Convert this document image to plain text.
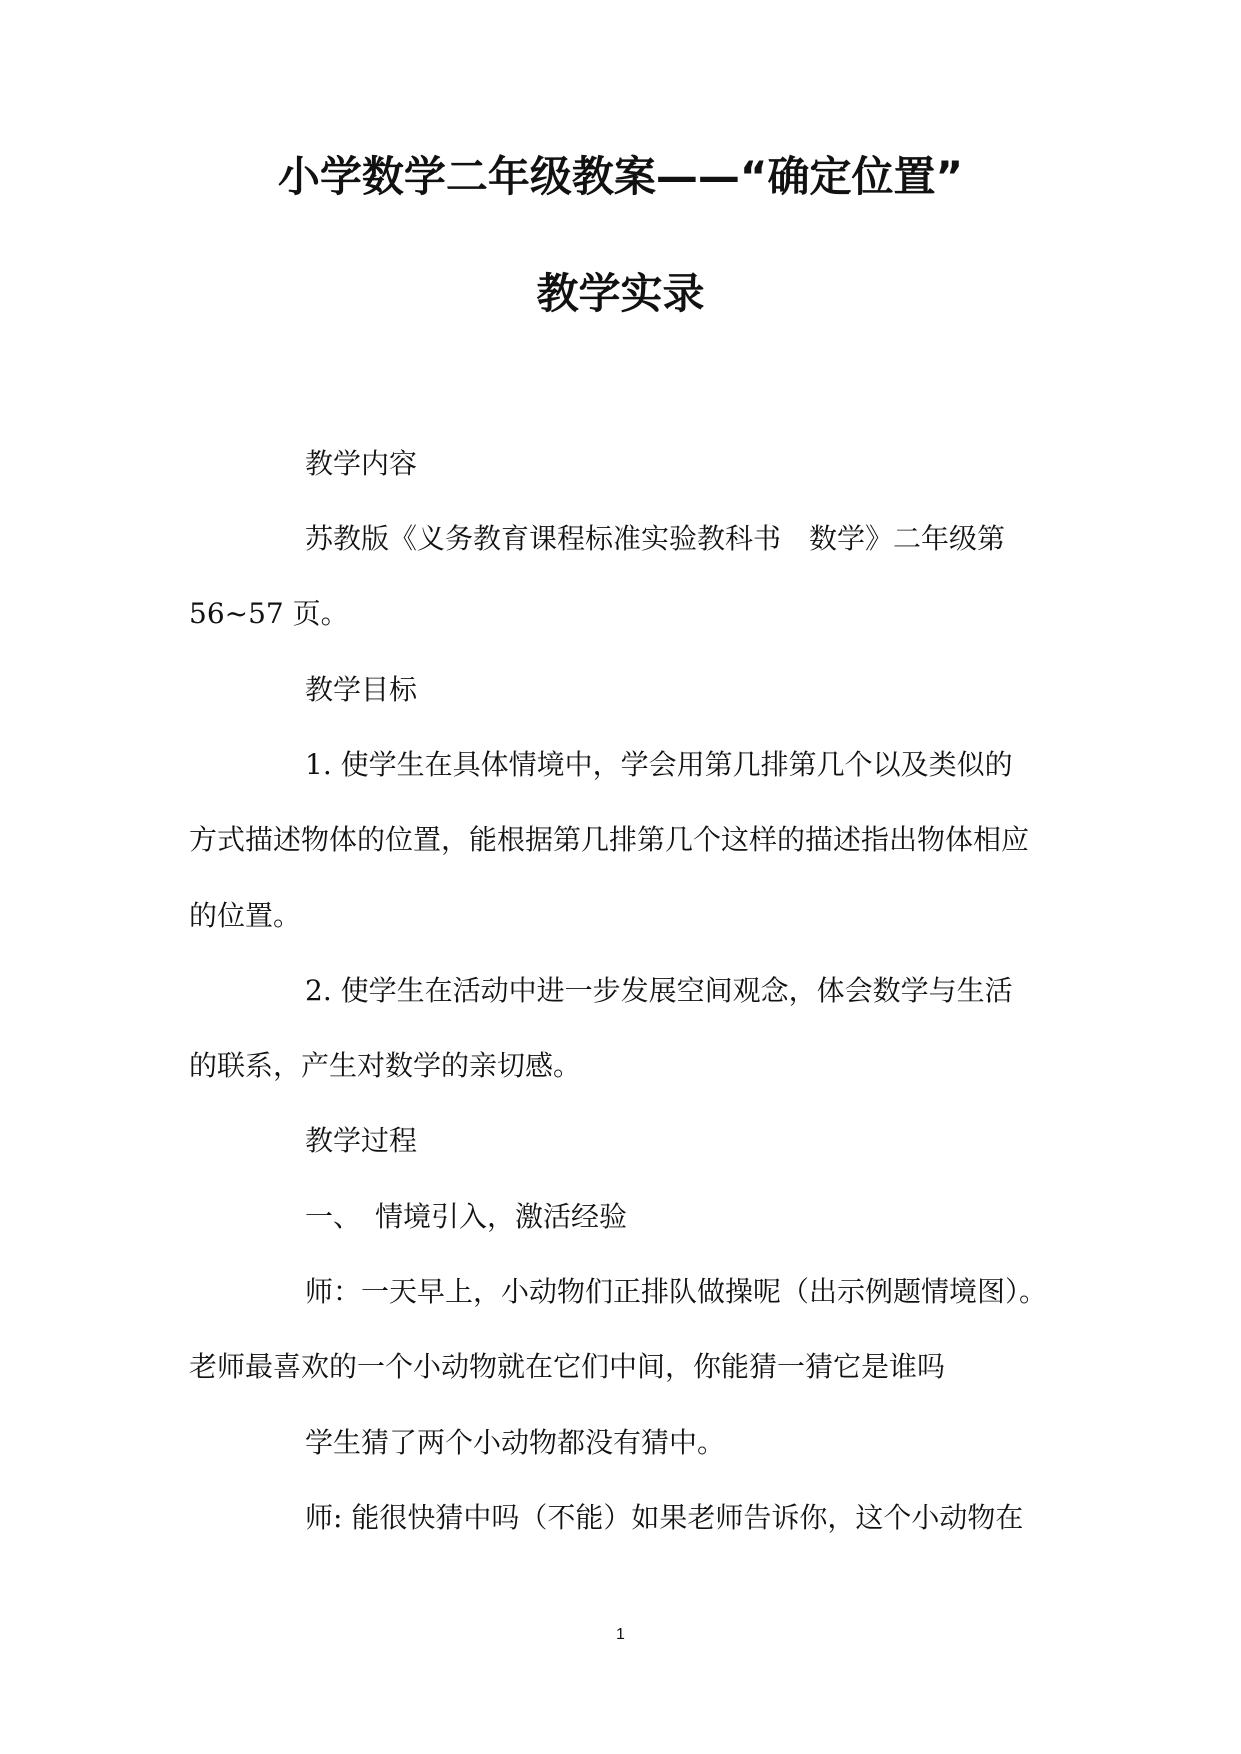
小学数学二年级教案——“确定位置”
教学实录

教学内容

苏教版《义务教育课程标准实验教科书　数学》二年级第

56~57 页。

教学目标

1. 使学生在具体情境中，学会用第几排第几个以及类似的

方式描述物体的位置，能根据第几排第几个这样的描述指出物体相应

的位置。

2. 使学生在活动中进一步发展空间观念，体会数学与生活

的联系，产生对数学的亲切感。

教学过程

一、　情境引入，激活经验

师：一天早上，小动物们正排队做操呢（出示例题情境图）。

老师最喜欢的一个小动物就在它们中间，你能猜一猜它是谁吗

学生猜了两个小动物都没有猜中。

师: 能很快猜中吗（不能）如果老师告诉你，这个小动物在

1
